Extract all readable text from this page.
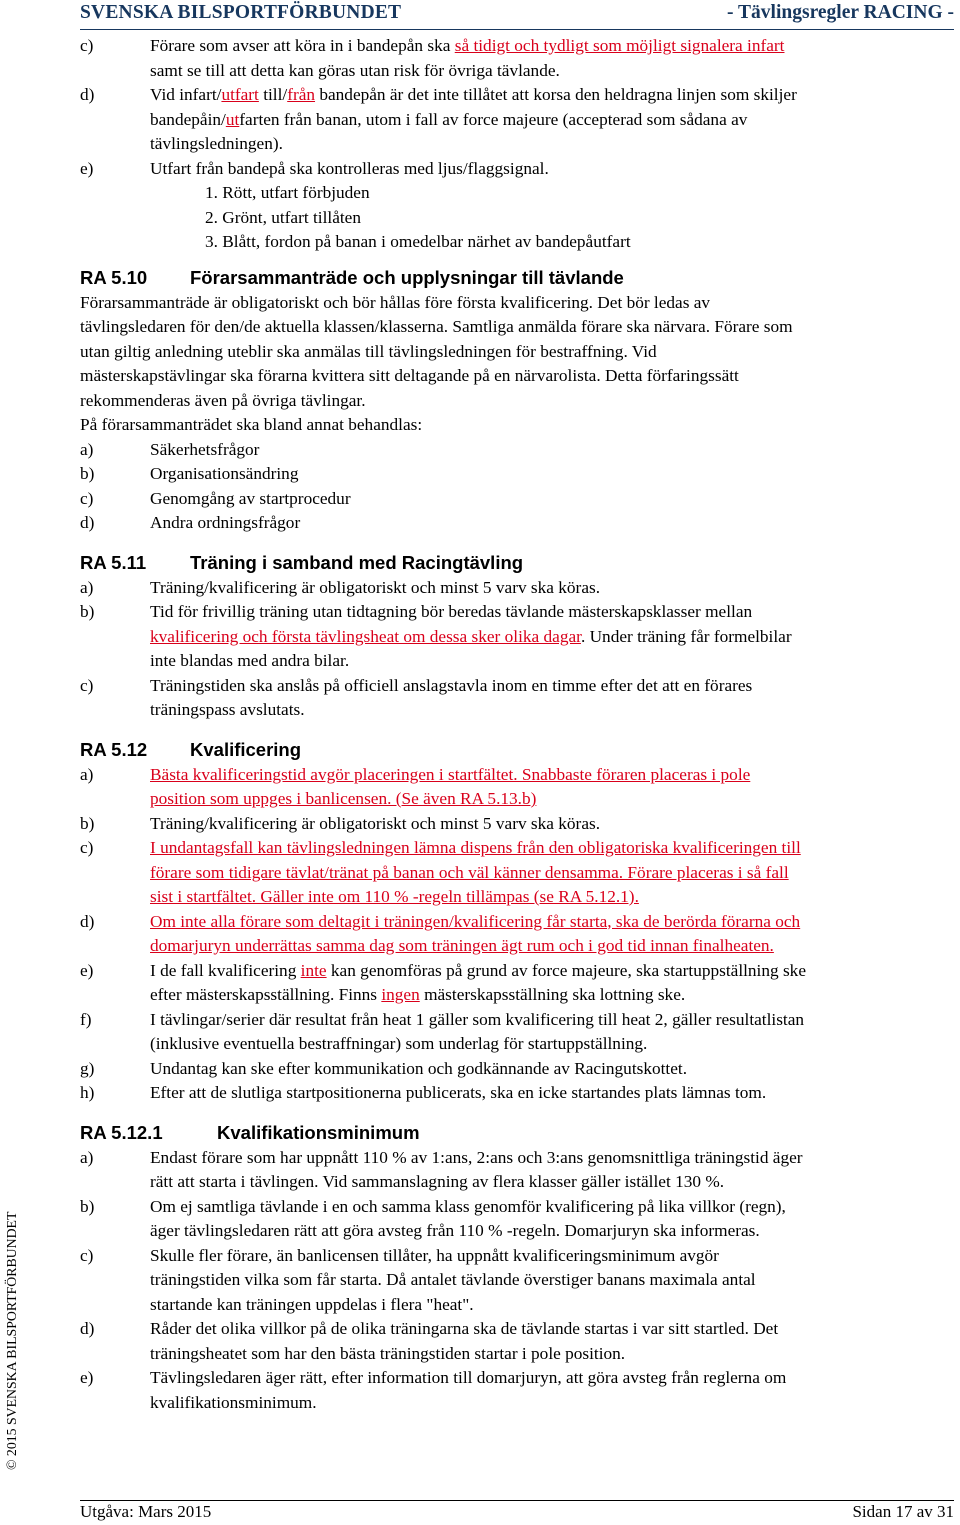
SVENSKA BILSPORTFÖRBUNDET	- Tävlingsregler RACING -
© 2015 SVENSKA BILSPORTFÖRBUNDET
c)	Förare som avser att köra in i bandepån ska så tidigt och tydligt som möjligt signalera infart
samt se till att detta kan göras utan risk för övriga tävlande.
d)	Vid infart/utfart till/från bandepån är det inte tillåtet att korsa den heldragna linjen som skiljer
bandepåin/utfarten från banan, utom i fall av force majeure (accepterad som sådana av
tävlingsledningen).
e)	Utfart från bandepå ska kontrolleras med ljus/flaggsignal.
1. Rött, utfart förbjuden
2. Grönt, utfart tillåten
3. Blått, fordon på banan i omedelbar närhet av bandepåutfart
RA 5.10 Förarsammanträde och upplysningar till tävlande
Förarsammanträde är obligatoriskt och bör hållas före första kvalificering. Det bör ledas av
tävlingsledaren för den/de aktuella klassen/klasserna. Samtliga anmälda förare ska närvara. Förare som
utan giltig anledning uteblir ska anmälas till tävlingsledningen för bestraffning. Vid
mästerskapstävlingar ska förarna kvittera sitt deltagande på en närvarolista. Detta förfaringssätt
rekommenderas även på övriga tävlingar.
På förarsammanträdet ska bland annat behandlas:
a)	Säkerhetsfrågor
b)	Organisationsändring
c)	Genomgång av startprocedur
d)	Andra ordningsfrågor
RA 5.11 Träning i samband med Racingtävling
a)	Träning/kvalificering är obligatoriskt och minst 5 varv ska köras.
b)	Tid för frivillig träning utan tidtagning bör beredas tävlande mästerskapsklasser mellan
kvalificering och första tävlingsheat om dessa sker olika dagar. Under träning får formelbilar
inte blandas med andra bilar.
c)	Träningstiden ska anslås på officiell anslagstavla inom en timme efter det att en förares
träningspass avslutats.
RA 5.12 Kvalificering
a)	Bästa kvalificeringstid avgör placeringen i startfältet. Snabbaste föraren placeras i pole
position som uppges i banlicensen. (Se även RA 5.13.b)
b)	Träning/kvalificering är obligatoriskt och minst 5 varv ska köras.
c)	I undantagsfall kan tävlingsledningen lämna dispens från den obligatoriska kvalificeringen till
förare som tidigare tävlat/tränat på banan och väl känner densamma. Förare placeras i så fall
sist i startfältet. Gäller inte om 110 % -regeln tillämpas (se RA 5.12.1).
d)	Om inte alla förare som deltagit i träningen/kvalificering får starta, ska de berörda förarna och
domarjuryn underrättas samma dag som träningen ägt rum och i god tid innan finalheaten.
e)	I de fall kvalificering inte kan genomföras på grund av force majeure, ska startuppställning ske
efter mästerskapsställning. Finns ingen mästerskapsställning ska lottning ske.
f)	I tävlingar/serier där resultat från heat 1 gäller som kvalificering till heat 2, gäller resultatlistan
(inklusive eventuella bestraffningar) som underlag för startuppställning.
g)	Undantag kan ske efter kommunikation och godkännande av Racingutskottet.
h)	Efter att de slutliga startpositionerna publicerats, ska en icke startandes plats lämnas tom.
RA 5.12.1	Kvalifikationsminimum
a)	Endast förare som har uppnått 110 % av 1:ans, 2:ans och 3:ans genomsnittliga träningstid äger
rätt att starta i tävlingen. Vid sammanslagning av flera klasser gäller istället 130 %.
b)	Om ej samtliga tävlande i en och samma klass genomför kvalificering på lika villkor (regn),
äger tävlingsledaren rätt att göra avsteg från 110 % -regeln. Domarjuryn ska informeras.
c)	Skulle fler förare, än banlicensen tillåter, ha uppnått kvalificeringsminimum avgör
träningstiden vilka som får starta. Då antalet tävlande överstiger banans maximala antal
startande kan träningen uppdelas i flera "heat".
d)	Råder det olika villkor på de olika träningarna ska de tävlande startas i var sitt startled. Det
träningsheatet som har den bästa träningstiden startar i pole position.
e)	Tävlingsledaren äger rätt, efter information till domarjuryn, att göra avsteg från reglerna om
kvalifikationsminimum.
Utgåva: Mars 2015	Sidan 17 av 31
